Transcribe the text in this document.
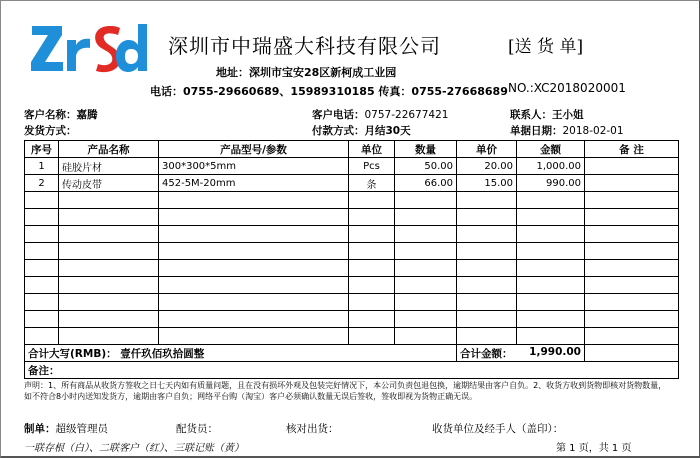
深圳市中瑞盛大科技有限公司	[送 货 单]
地址：深圳市宝安28区新柯成工业园
电话：0755-29660689、15989310185 传真：0755-27668689 NO.:XC2018020001
客户名称：嘉腾
发货方式：
客户电话：0757-22677421
付款方式：月结30天
联系人：王小姐
单据日期：2018-02-01
序号	产品名称	产品型号/参数	单位	数量	单价	金额	备 注
1	硅胶片材	300*300*5mm	Pcs	50.00	20.00	1,000.00	
2	传动皮带	452-5M-20mm	条	66.00	15.00	990.00	

合计大写(RMB)： 壹仟玖佰玖拾圆整					合计金额： 1,990.00		

备注：							
声明：1、所有商品从收货方签收之日七天内如有质量问题，且在没有损坏外观及包装完好情况下，本公司负责包退包换，逾期结果由客户自负。2、收货方收到货物即核对货物数量，如不符合8小时内送知发货方，逾期由客户自负；网络平台购（淘宝）客户必须确认数量无误后签收，签收即视为货物正确无误。
制单：超级管理员	配货员：	核对出货：	收货单位及经手人（盖印）：
一联存根（白）、二联客户（红）、三联记账（黄）	第 1 页，共 1 页
